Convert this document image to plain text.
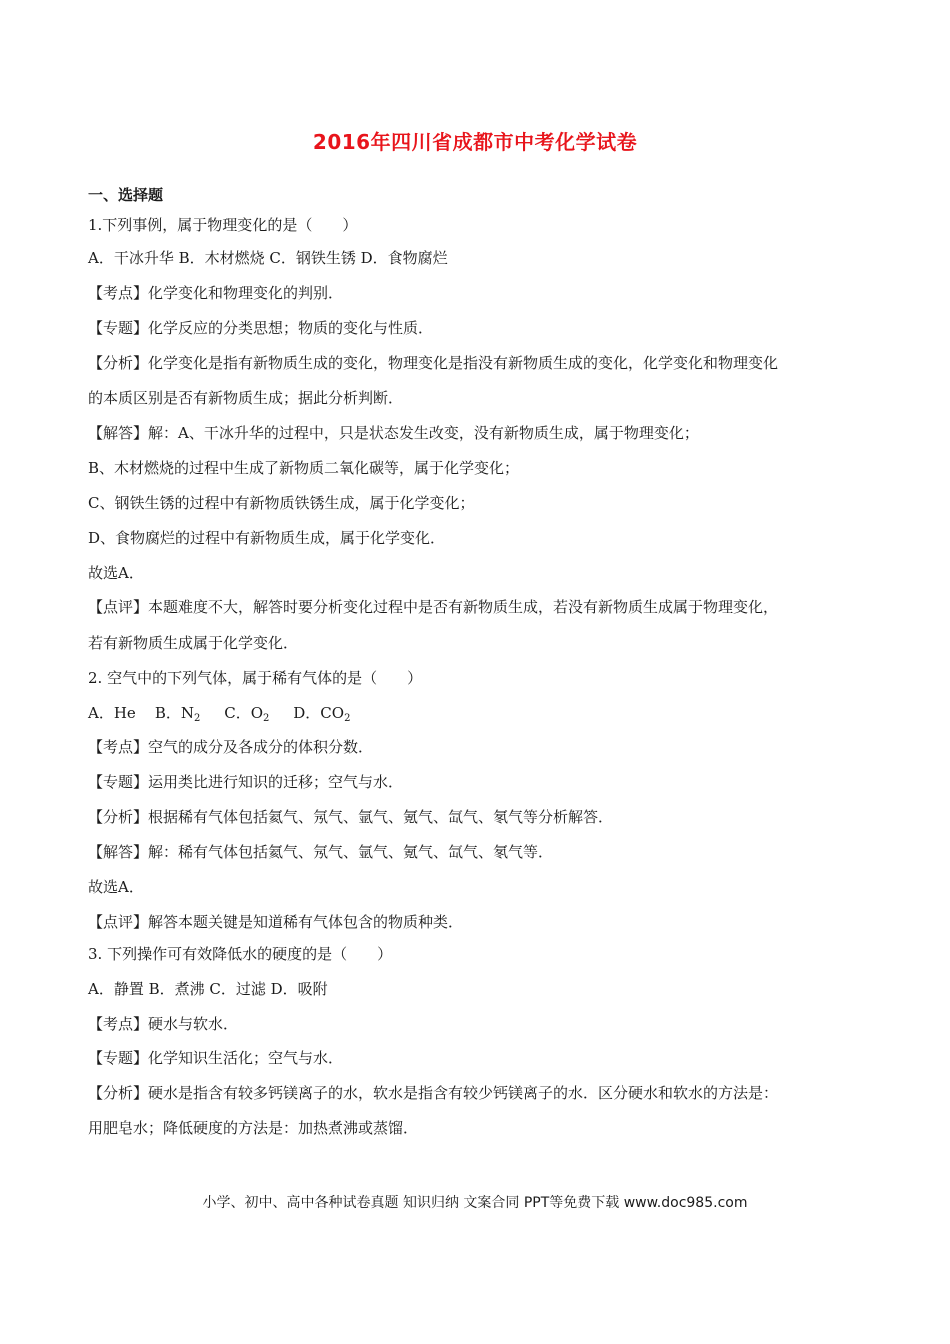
2016年四川省成都市中考化学试卷
一、选择题
1.下列事例，属于物理变化的是（　　）
A．干冰升华 B．木材燃烧 C．钢铁生锈 D．食物腐烂
【考点】化学变化和物理变化的判别．
【专题】化学反应的分类思想；物质的变化与性质．
【分析】化学变化是指有新物质生成的变化，物理变化是指没有新物质生成的变化，化学变化和物理变化
的本质区别是否有新物质生成；据此分析判断．
【解答】解：A、干冰升华的过程中，只是状态发生改变，没有新物质生成，属于物理变化；
B、木材燃烧的过程中生成了新物质二氧化碳等，属于化学变化；
C、钢铁生锈的过程中有新物质铁锈生成，属于化学变化；
D、食物腐烂的过程中有新物质生成，属于化学变化．
故选A．
【点评】本题难度不大，解答时要分析变化过程中是否有新物质生成，若没有新物质生成属于物理变化，
若有新物质生成属于化学变化．
2. 空气中的下列气体，属于稀有气体的是（　　）
A．He B．$N_2$ C．$O_2$ D．$CO_2$
【考点】空气的成分及各成分的体积分数．
【专题】运用类比进行知识的迁移；空气与水．
【分析】根据稀有气体包括氦气、氖气、氩气、氪气、氙气、氡气等分析解答．
【解答】解：稀有气体包括氦气、氖气、氩气、氪气、氙气、氡气等．
故选A．
【点评】解答本题关键是知道稀有气体包含的物质种类．
3. 下列操作可有效降低水的硬度的是（　　）
A．静置 B．煮沸 C．过滤 D．吸附
【考点】硬水与软水．
【专题】化学知识生活化；空气与水．
【分析】硬水是指含有较多钙镁离子的水，软水是指含有较少钙镁离子的水．区分硬水和软水的方法是：
用肥皂水；降低硬度的方法是：加热煮沸或蒸馏．
小学、初中、高中各种试卷真题 知识归纳 文案合同 PPT等免费下载 www.doc985.com
